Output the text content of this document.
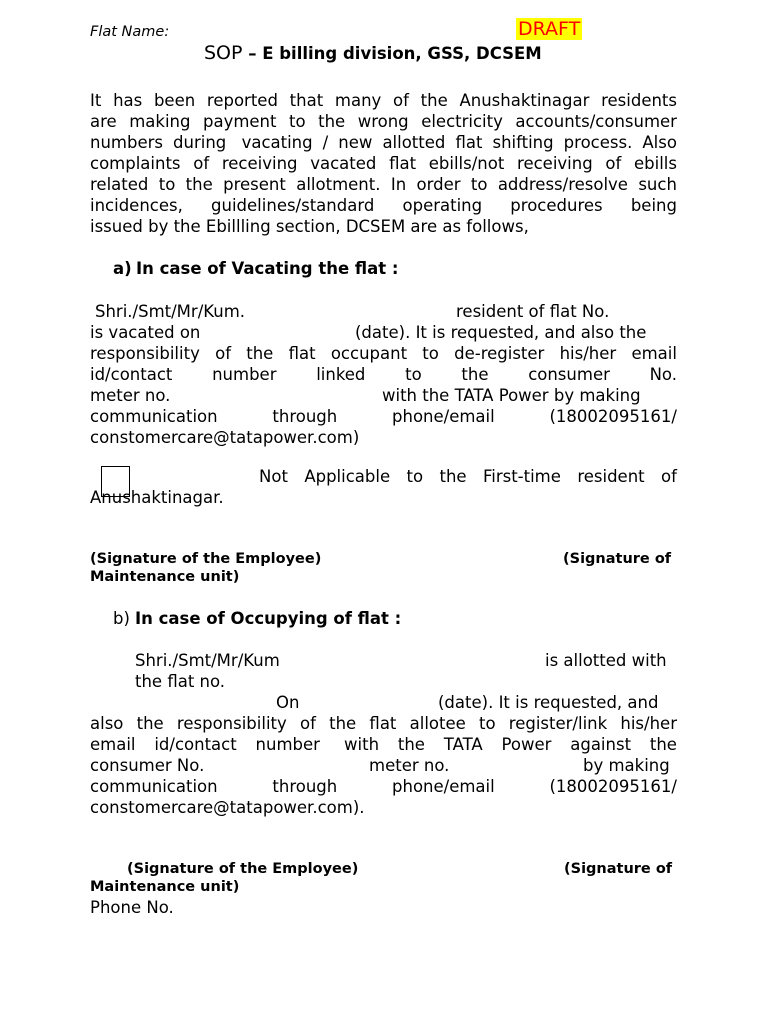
Flat Name:	DRAFT
SOP – E billing division, GSS, DCSEM
It has been reported that many of the Anushaktinagar residents
are making payment to the wrong electricity accounts/consumer
numbers during vacating / new allotted flat shifting process. Also
complaints of receiving vacated flat ebills/not receiving of ebills
related to the present allotment. In order to address/resolve such
incidences, guidelines/standard operating procedures being
issued by the Ebillling section, DCSEM are as follows,
a) In case of Vacating the flat :
Shri./Smt/Mr/Kum.	resident of flat No.
is vacated on	(date). It is requested, and also the
responsibility of the flat occupant to de-register his/her email
id/contact number linked to the consumer No.
meter no.	with the TATA Power by making
communication	through	phone/email	(18002095161/
constomercare@tatapower.com)
Not Applicable to the First-time resident of
Anushaktinagar.
(Signature of the Employee)	(Signature of
Maintenance unit)
b) In case of Occupying of flat :
Shri./Smt/Mr/Kum	is allotted with
the flat no.
On	(date). It is requested, and
also the responsibility of the flat allotee to register/link his/her
email id/contact number with the TATA Power against the
consumer No.	meter no.	by making
communication	through	phone/email	(18002095161/
constomercare@tatapower.com).
(Signature of the Employee)	(Signature of
Maintenance unit)
Phone No.
